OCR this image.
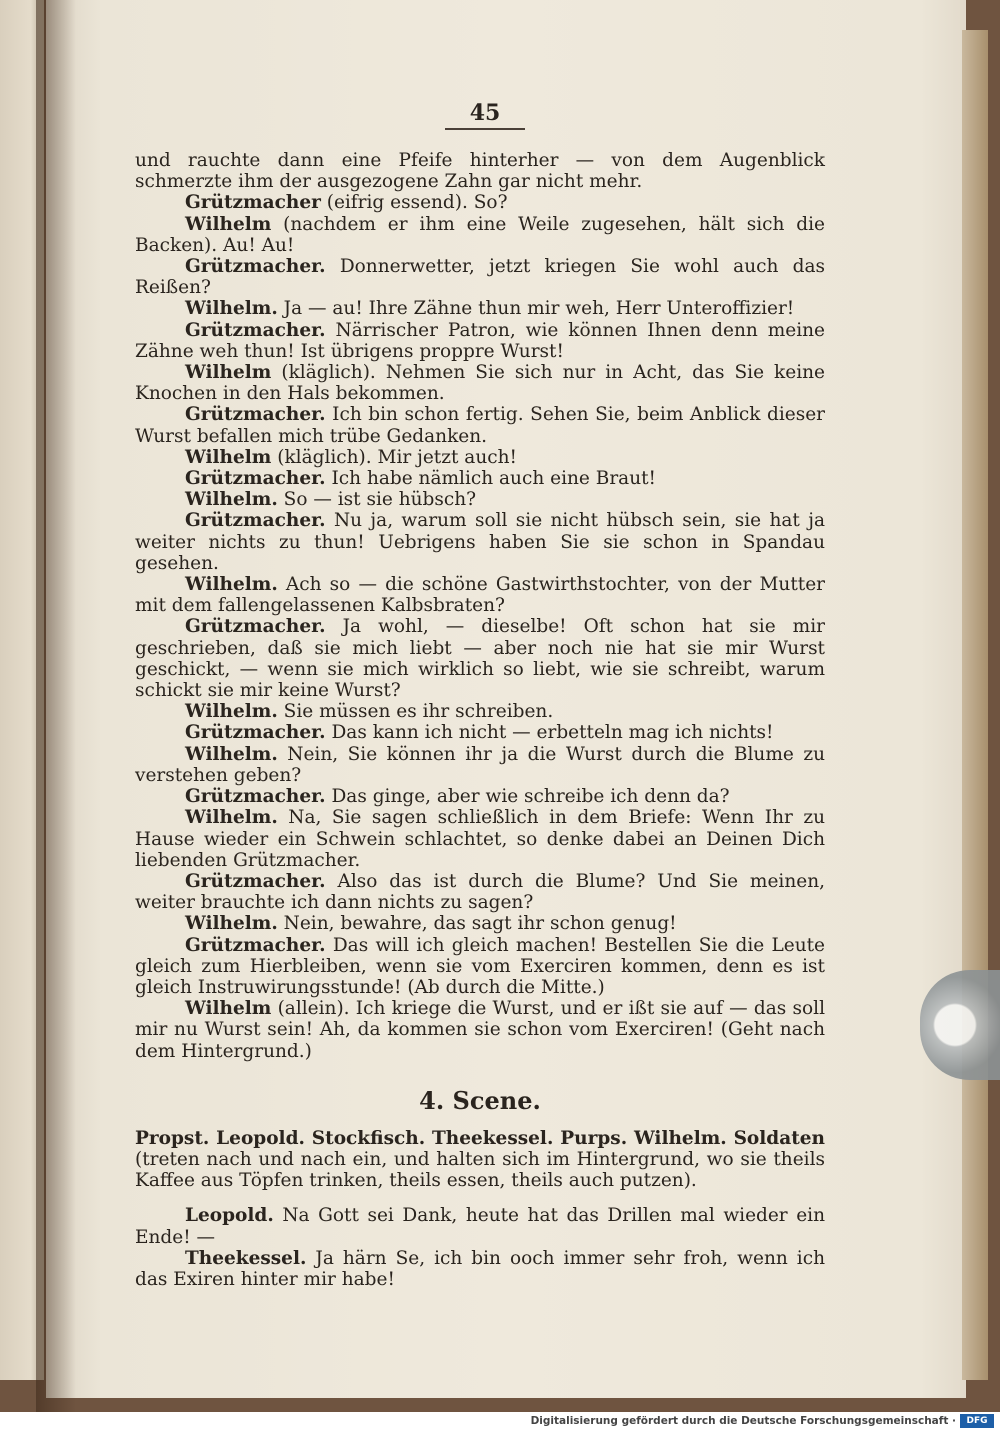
45

und rauchte dann eine Pfeife hinterher — von dem Augenblick schmerzte ihm der ausgezogene Zahn gar nicht mehr.

Grützmacher (eifrig essend). So?

Wilhelm (nachdem er ihm eine Weile zugesehen, hält sich die Backen). Au! Au!

Grützmacher. Donnerwetter, jetzt kriegen Sie wohl auch das Reißen?

Wilhelm. Ja — au! Ihre Zähne thun mir weh, Herr Unteroffizier!

Grützmacher. Närrischer Patron, wie können Ihnen denn meine Zähne weh thun! Ist übrigens proppre Wurst!

Wilhelm (kläglich). Nehmen Sie sich nur in Acht, das Sie keine Knochen in den Hals bekommen.

Grützmacher. Ich bin schon fertig. Sehen Sie, beim Anblick dieser Wurst befallen mich trübe Gedanken.

Wilhelm (kläglich). Mir jetzt auch!

Grützmacher. Ich habe nämlich auch eine Braut!

Wilhelm. So — ist sie hübsch?

Grützmacher. Nu ja, warum soll sie nicht hübsch sein, sie hat ja weiter nichts zu thun! Uebrigens haben Sie sie schon in Spandau gesehen.

Wilhelm. Ach so — die schöne Gastwirthstochter, von der Mutter mit dem fallengelassenen Kalbsbraten?

Grützmacher. Ja wohl, — dieselbe! Oft schon hat sie mir geschrieben, daß sie mich liebt — aber noch nie hat sie mir Wurst geschickt, — wenn sie mich wirklich so liebt, wie sie schreibt, warum schickt sie mir keine Wurst?

Wilhelm. Sie müssen es ihr schreiben.

Grützmacher. Das kann ich nicht — erbetteln mag ich nichts!

Wilhelm. Nein, Sie können ihr ja die Wurst durch die Blume zu verstehen geben?

Grützmacher. Das ginge, aber wie schreibe ich denn da?

Wilhelm. Na, Sie sagen schließlich in dem Briefe: Wenn Ihr zu Hause wieder ein Schwein schlachtet, so denke dabei an Deinen Dich liebenden Grützmacher.

Grützmacher. Also das ist durch die Blume? Und Sie meinen, weiter brauchte ich dann nichts zu sagen?

Wilhelm. Nein, bewahre, das sagt ihr schon genug!

Grützmacher. Das will ich gleich machen! Bestellen Sie die Leute gleich zum Hierbleiben, wenn sie vom Exerciren kommen, denn es ist gleich Instruwirungsstunde! (Ab durch die Mitte.)

Wilhelm (allein). Ich kriege die Wurst, und er ißt sie auf — das soll mir nu Wurst sein! Ah, da kommen sie schon vom Exerciren! (Geht nach dem Hintergrund.)

4. Scene.

Propst. Leopold. Stockfisch. Theekessel. Purps. Wilhelm. Soldaten (treten nach und nach ein, und halten sich im Hintergrund, wo sie theils Kaffee aus Töpfen trinken, theils essen, theils auch putzen).

Leopold. Na Gott sei Dank, heute hat das Drillen mal wieder ein Ende! —

Theekessel. Ja härn Se, ich bin ooch immer sehr froh, wenn ich das Exiren hinter mir habe!

Digitalisierung gefördert durch die Deutsche Forschungsgemeinschaft ·	DFG
